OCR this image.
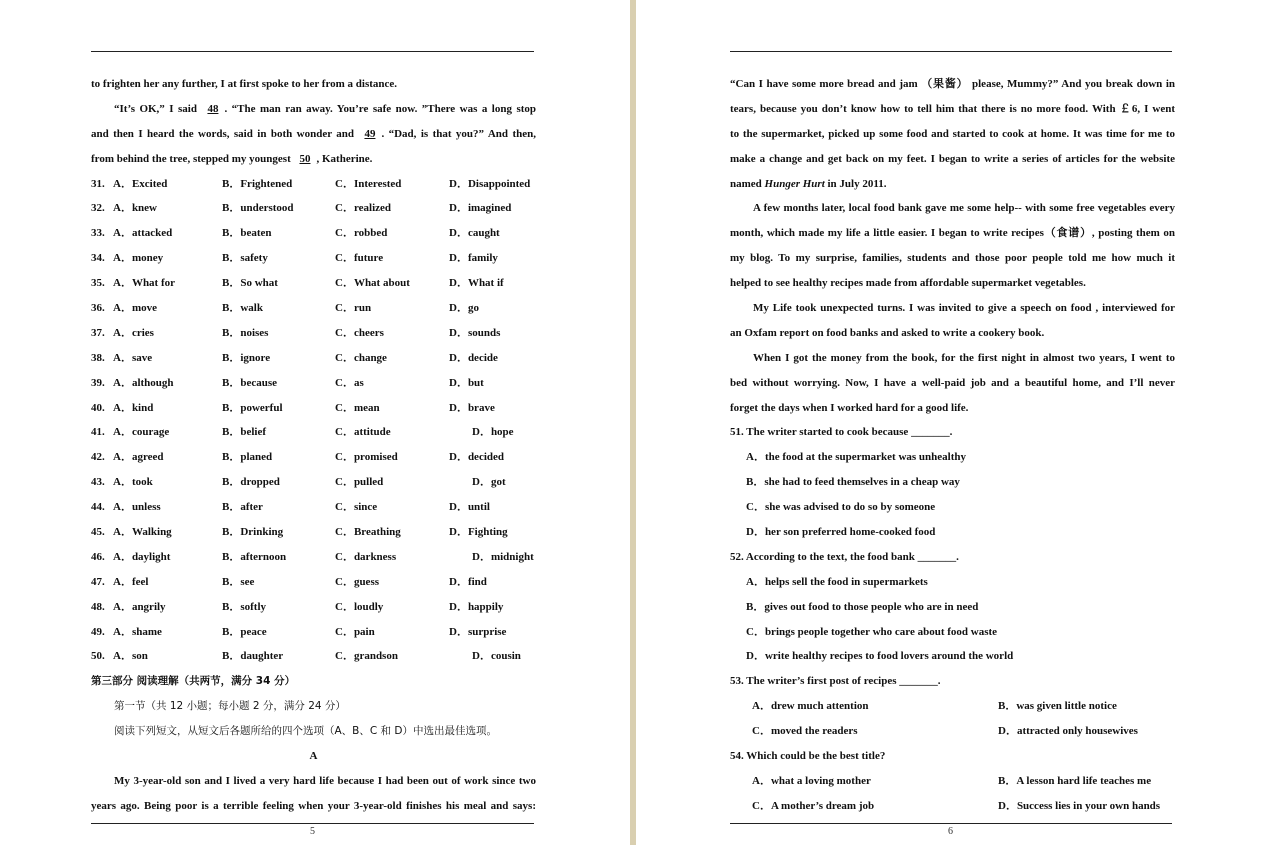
to frighten her any further, I at first spoke to her from a distance.
“It’s OK,” I said 48 . “The man ran away. You’re safe now. ”There was a long stop
and then I heard the words, said in both wonder and 49 . “Dad, is that you?” And then,
from behind the tree, stepped my youngest 50 , Katherine.
31. A．Excited	B．Frightened	C．Interested	D．Disappointed
32. A．knew	B．understood	C．realized	D．imagined
33. A．attacked	B．beaten	C．robbed	D．caught
34. A．money	B．safety	C．future	D．family
35. A．What for	B．So what	C．What about	D．What if
36. A．move	B．walk	C．run	D．go
37. A．cries	B．noises	C．cheers	D．sounds
38. A．save	B．ignore	C．change	D．decide
39. A．although	B．because	C．as	D．but
40. A．kind	B．powerful	C．mean	D．brave
41. A．courage	B．belief	C．attitude	D．hope
42. A．agreed	B．planed	C．promised	D．decided
43. A．took	B．dropped	C．pulled	D．got
44. A．unless	B．after	C．since	D．until
45. A．Walking	B．Drinking	C．Breathing	D．Fighting
46. A．daylight	B．afternoon	C．darkness	D．midnight
47. A．feel	B．see	C．guess	D．find
48. A．angrily	B．softly	C．loudly	D．happily
49. A．shame	B．peace	C．pain	D．surprise
50. A．son	B．daughter	C．grandson	D．cousin
第三部分 阅读理解（共两节，满分 34 分）
第一节（共 12 小题；每小题 2 分，满分 24 分）
阅读下列短文，从短文后各题所给的四个选项（A、B、C 和 D）中选出最佳选项。
A
My 3-year-old son and I lived a very hard life because I had been out of work since two
years ago. Being poor is a terrible feeling when your 3-year-old finishes his meal and says:
5
“Can I have some more bread and jam （果酱） please, Mummy?” And you break down in
tears, because you don’t know how to tell him that there is no more food. With ￡6, I went
to the supermarket, picked up some food and started to cook at home. It was time for me to
make a change and get back on my feet. I began to write a series of articles for the website
named Hunger Hurt in July 2011.
A few months later, local food bank gave me some help-- with some free vegetables every
month, which made my life a little easier. I began to write recipes（食谱）, posting them on
my blog. To my surprise, families, students and those poor people told me how much it
helped to see healthy recipes made from affordable supermarket vegetables.
My Life took unexpected turns. I was invited to give a speech on food , interviewed for
an Oxfam report on food banks and asked to write a cookery book.
When I got the money from the book, for the first night in almost two years, I went to
bed without worrying. Now, I have a well-paid job and a beautiful home, and I’ll never
forget the days when I worked hard for a good life.
51. The writer started to cook because _______.
A．the food at the supermarket was unhealthy
B．she had to feed themselves in a cheap way
C．she was advised to do so by someone
D．her son preferred home-cooked food
52. According to the text, the food bank _______.
A．helps sell the food in supermarkets
B．gives out food to those people who are in need
C．brings people together who care about food waste
D．write healthy recipes to food lovers around the world
53. The writer’s first post of recipes _______.
A．drew much attention	B．was given little notice
C．moved the readers	D．attracted only housewives
54. Which could be the best title?
A．what a loving mother	B．A lesson hard life teaches me
C．A mother’s dream job	D．Success lies in your own hands
6
